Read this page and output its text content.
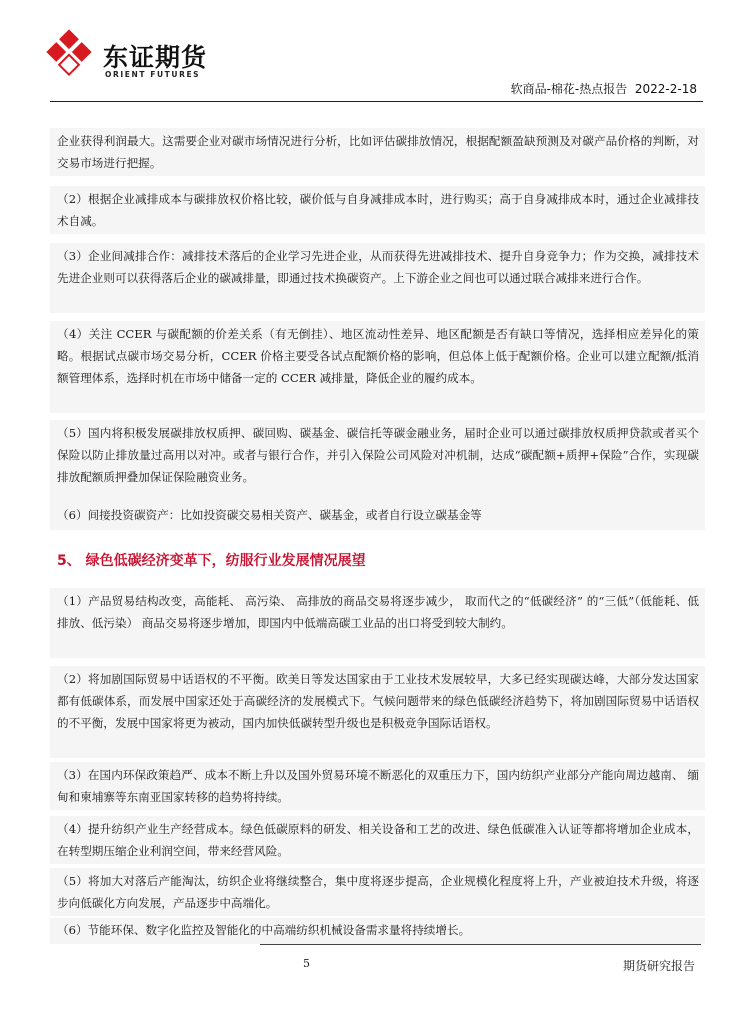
东证期货
ORIENT FUTURES
软商品-棉花-热点报告 2022-2-18
企业获得利润最大。这需要企业对碳市场情况进行分析，比如评估碳排放情况，根据配额盈缺预测及对碳产品价格的判断，对交易市场进行把握。
（2）根据企业减排成本与碳排放权价格比较，碳价低与自身减排成本时，进行购买；高于自身减排成本时，通过企业减排技术自减。
（3）企业间减排合作：减排技术落后的企业学习先进企业，从而获得先进减排技术、提升自身竞争力；作为交换，减排技术先进企业则可以获得落后企业的碳减排量，即通过技术换碳资产。上下游企业之间也可以通过联合减排来进行合作。
（4）关注 CCER 与碳配额的价差关系（有无倒挂）、地区流动性差异、地区配额是否有缺口等情况，选择相应差异化的策略。根据试点碳市场交易分析，CCER 价格主要受各试点配额价格的影响，但总体上低于配额价格。企业可以建立配额/抵消额管理体系，选择时机在市场中储备一定的 CCER 减排量，降低企业的履约成本。
（5）国内将积极发展碳排放权质押、碳回购、碳基金、碳信托等碳金融业务，届时企业可以通过碳排放权质押贷款或者买个保险以防止排放量过高用以对冲。或者与银行合作，并引入保险公司风险对冲机制，达成“碳配额+质押+保险”合作，实现碳排放配额质押叠加保证保险融资业务。
（6）间接投资碳资产：比如投资碳交易相关资产、碳基金，或者自行设立碳基金等
5、 绿色低碳经济变革下，纺服行业发展情况展望
（1）产品贸易结构改变，高能耗、 高污染、 高排放的商品交易将逐步减少， 取而代之的“低碳经济” 的“三低”（低能耗、低排放、低污染） 商品交易将逐步增加，即国内中低端高碳工业品的出口将受到较大制约。
（2）将加剧国际贸易中话语权的不平衡。欧美日等发达国家由于工业技术发展较早，大多已经实现碳达峰，大部分发达国家都有低碳体系，而发展中国家还处于高碳经济的发展模式下。气候问题带来的绿色低碳经济趋势下，将加剧国际贸易中话语权的不平衡，发展中国家将更为被动，国内加快低碳转型升级也是积极竞争国际话语权。
（3）在国内环保政策趋严、成本不断上升以及国外贸易环境不断恶化的双重压力下，国内纺织产业部分产能向周边越南、 缅甸和柬埔寨等东南亚国家转移的趋势将持续。
（4）提升纺织产业生产经营成本。绿色低碳原料的研发、相关设备和工艺的改进、绿色低碳准入认证等都将增加企业成本，在转型期压缩企业利润空间，带来经营风险。
（5）将加大对落后产能淘汰，纺织企业将继续整合，集中度将逐步提高，企业规模化程度将上升，产业被迫技术升级，将逐步向低碳化方向发展，产品逐步中高端化。
（6）节能环保、数字化监控及智能化的中高端纺织机械设备需求量将持续增长。
5	期货研究报告
